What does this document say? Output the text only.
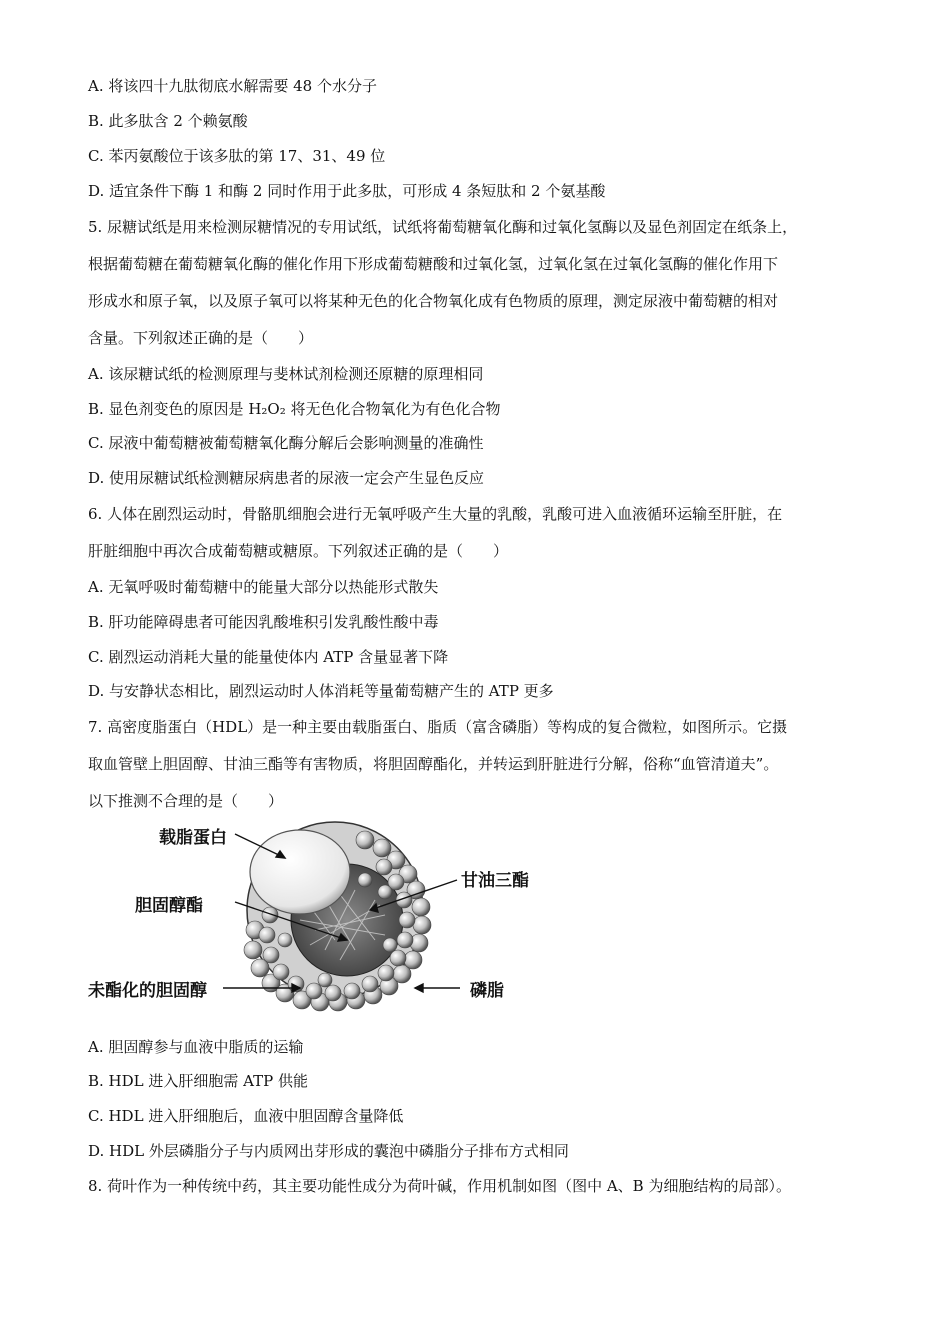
A. 将该四十九肽彻底水解需要 48 个水分子
B. 此多肽含 2 个赖氨酸
C. 苯丙氨酸位于该多肽的第 17、31、49 位
D. 适宜条件下酶 1 和酶 2 同时作用于此多肽，可形成 4 条短肽和 2 个氨基酸
5. 尿糖试纸是用来检测尿糖情况的专用试纸，试纸将葡萄糖氧化酶和过氧化氢酶以及显色剂固定在纸条上，
根据葡萄糖在葡萄糖氧化酶的催化作用下形成葡萄糖酸和过氧化氢，过氧化氢在过氧化氢酶的催化作用下
形成水和原子氧，以及原子氧可以将某种无色的化合物氧化成有色物质的原理，测定尿液中葡萄糖的相对
含量。下列叙述正确的是（　　）
A. 该尿糖试纸的检测原理与斐林试剂检测还原糖的原理相同
B. 显色剂变色的原因是 H₂O₂ 将无色化合物氧化为有色化合物
C. 尿液中葡萄糖被葡萄糖氧化酶分解后会影响测量的准确性
D. 使用尿糖试纸检测糖尿病患者的尿液一定会产生显色反应
6. 人体在剧烈运动时，骨骼肌细胞会进行无氧呼吸产生大量的乳酸，乳酸可进入血液循环运输至肝脏，在
肝脏细胞中再次合成葡萄糖或糖原。下列叙述正确的是（　　）
A. 无氧呼吸时葡萄糖中的能量大部分以热能形式散失
B. 肝功能障碍患者可能因乳酸堆积引发乳酸性酸中毒
C. 剧烈运动消耗大量的能量使体内 ATP 含量显著下降
D. 与安静状态相比，剧烈运动时人体消耗等量葡萄糖产生的 ATP 更多
7. 高密度脂蛋白（HDL）是一种主要由载脂蛋白、脂质（富含磷脂）等构成的复合微粒，如图所示。它摄
取血管壁上胆固醇、甘油三酯等有害物质，将胆固醇酯化，并转运到肝脏进行分解，俗称“血管清道夫”。
以下推测不合理的是（　　）
载脂蛋白
甘油三酯
胆固醇酯
未酯化的胆固醇	磷脂
A. 胆固醇参与血液中脂质的运输
B. HDL 进入肝细胞需 ATP 供能
C. HDL 进入肝细胞后，血液中胆固醇含量降低
D. HDL 外层磷脂分子与内质网出芽形成的囊泡中磷脂分子排布方式相同
8. 荷叶作为一种传统中药，其主要功能性成分为荷叶碱，作用机制如图（图中 A、B 为细胞结构的局部）。
